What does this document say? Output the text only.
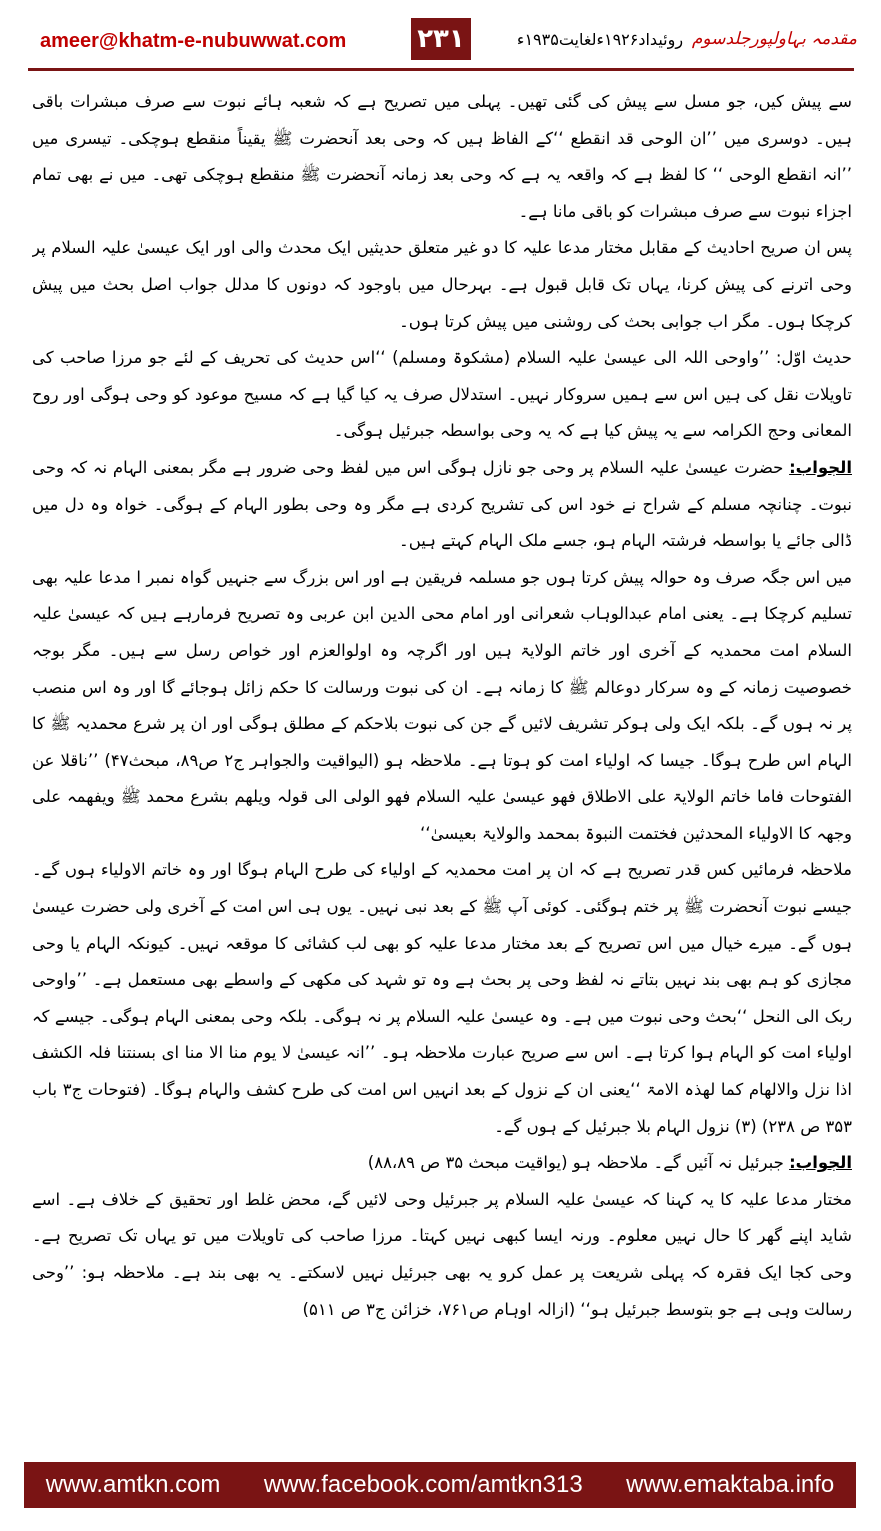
ameer@khatm-e-nubuwwat.com	۲۳۱	روئیداد۱۹۲۶ءلغایت۱۹۳۵ء مقدمہ بہاولپورجلدسوم

سے پیش کیں، جو مسل سے پیش کی گئی تھیں۔ پہلی میں تصریح ہے کہ شعبہ ہائے نبوت سے صرف مبشرات باقی ہیں۔ دوسری میں ’’ان الوحی قد انقطع ‘‘کے الفاظ ہیں کہ وحی بعد آنحضرت ﷺ یقیناً منقطع ہوچکی۔ تیسری میں ’’انہ انقطع الوحی ‘‘ کا لفظ ہے کہ واقعہ یہ ہے کہ وحی بعد زمانہ آنحضرت ﷺ منقطع ہوچکی تھی۔ میں نے بھی تمام اجزاء نبوت سے صرف مبشرات کو باقی مانا ہے۔

پس ان صریح احادیث کے مقابل مختار مدعا علیہ کا دو غیر متعلق حدیثیں ایک محدث والی اور ایک عیسیٰ علیہ السلام پر وحی اترنے کی پیش کرنا، یہاں تک قابل قبول ہے۔ بہرحال میں باوجود کہ دونوں کا مدلل جواب اصل بحث میں پیش کرچکا ہوں۔ مگر اب جوابی بحث کی روشنی میں پیش کرتا ہوں۔

حدیث اوّل: ’’واوحی اللہ الی عیسیٰ علیہ السلام (مشکوۃ ومسلم) ‘‘اس حدیث کی تحریف کے لئے جو مرزا صاحب کی تاویلات نقل کی ہیں اس سے ہمیں سروکار نہیں۔ استدلال صرف یہ کیا گیا ہے کہ مسیح موعود کو وحی ہوگی اور روح المعانی وحج الکرامہ سے یہ پیش کیا ہے کہ یہ وحی بواسطہ جبرئیل ہوگی۔

الجواب: حضرت عیسیٰ علیہ السلام پر وحی جو نازل ہوگی اس میں لفظ وحی ضرور ہے مگر بمعنی الہام نہ کہ وحی نبوت۔ چنانچہ مسلم کے شراح نے خود اس کی تشریح کردی ہے مگر وہ وحی بطور الہام کے ہوگی۔ خواہ وہ دل میں ڈالی جائے یا بواسطہ فرشتہ الہام ہو، جسے ملک الہام کہتے ہیں۔

میں اس جگہ صرف وہ حوالہ پیش کرتا ہوں جو مسلمہ فریقین ہے اور اس بزرگ سے جنہیں گواہ نمبر ا مدعا علیہ بھی تسلیم کرچکا ہے۔ یعنی امام عبدالوہاب شعرانی اور امام محی الدین ابن عربی وہ تصریح فرمارہے ہیں کہ عیسیٰ علیہ السلام امت محمدیہ کے آخری اور خاتم الولایۃ ہیں اور اگرچہ وہ اولوالعزم اور خواص رسل سے ہیں۔ مگر بوجہ خصوصیت زمانہ کے وہ سرکار دوعالم ﷺ کا زمانہ ہے۔ ان کی نبوت ورسالت کا حکم زائل ہوجائے گا اور وہ اس منصب پر نہ ہوں گے۔ بلکہ ایک ولی ہوکر تشریف لائیں گے جن کی نبوت بلاحکم کے مطلق ہوگی اور ان پر شرع محمدیہ ﷺ کا الہام اس طرح ہوگا۔ جیسا کہ اولیاء امت کو ہوتا ہے۔ ملاحظہ ہو (الیواقیت والجواہر ج۲ ص۸۹، مبحث۴۷) ’’ناقلا عن الفتوحات فاما خاتم الولایۃ علی الاطلاق فھو عیسیٰ علیہ السلام فھو الولی الی قولہ ویلھم بشرع محمد ﷺ ویفھمہ علی وجھہ کا الاولیاء المحدثین فختمت النبوۃ بمحمد والولایۃ بعیسیٰ‘‘

ملاحظہ فرمائیں کس قدر تصریح ہے کہ ان پر امت محمدیہ کے اولیاء کی طرح الہام ہوگا اور وہ خاتم الاولیاء ہوں گے۔ جیسے نبوت آنحضرت ﷺ پر ختم ہوگئی۔ کوئی آپ ﷺ کے بعد نبی نہیں۔ یوں ہی اس امت کے آخری ولی حضرت عیسیٰ ہوں گے۔ میرے خیال میں اس تصریح کے بعد مختار مدعا علیہ کو بھی لب کشائی کا موقعہ نہیں۔ کیونکہ الہام یا وحی مجازی کو ہم بھی بند نہیں بتاتے نہ لفظ وحی پر بحث ہے وہ تو شہد کی مکھی کے واسطے بھی مستعمل ہے۔ ’’واوحی ربک الی النحل ‘‘بحث وحی نبوت میں ہے۔ وہ عیسیٰ علیہ السلام پر نہ ہوگی۔ بلکہ وحی بمعنی الہام ہوگی۔ جیسے کہ اولیاء امت کو الہام ہوا کرتا ہے۔ اس سے صریح عبارت ملاحظہ ہو۔ ’’انہ عیسیٰ لا یوم منا الا منا ای بسنتنا فلہ الکشف اذا نزل والالھام کما لھذہ الامۃ ‘‘یعنی ان کے نزول کے بعد انہیں اس امت کی طرح کشف والہام ہوگا۔ (فتوحات ج۳ باب ۳۵۳ ص ۲۳۸) (۳) نزول الہام بلا جبرئیل کے ہوں گے۔

الجواب: جبرئیل نہ آئیں گے۔ ملاحظہ ہو (یواقیت مبحث ۳۵ ص ۸۸،۸۹)

مختار مدعا علیہ کا یہ کہنا کہ عیسیٰ علیہ السلام پر جبرئیل وحی لائیں گے، محض غلط اور تحقیق کے خلاف ہے۔ اسے شاید اپنے گھر کا حال نہیں معلوم۔ ورنہ ایسا کبھی نہیں کہتا۔ مرزا صاحب کی تاویلات میں تو یہاں تک تصریح ہے۔ وحی کجا ایک فقرہ کہ پہلی شریعت پر عمل کرو یہ بھی جبرئیل نہیں لاسکتے۔ یہ بھی بند ہے۔ ملاحظہ ہو: ’’وحی رسالت وہی ہے جو بتوسط جبرئیل ہو‘‘ (ازالہ اوہام ص۷۶۱، خزائن ج۳ ص ۵۱۱)

www.amtkn.com www.facebook.com/amtkn313 www.emaktaba.info
